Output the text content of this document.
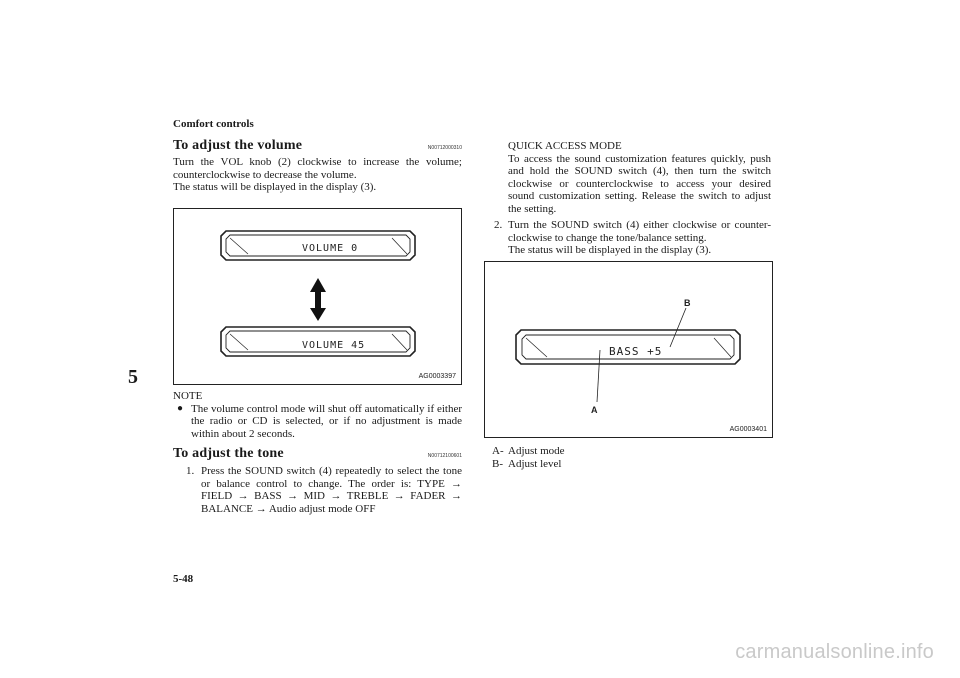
Comfort controls
5
5-48
To adjust the volume	N00712000310

Turn the VOL knob (2) clockwise to increase the volume; counterclockwise to decrease the volume.

The status will be displayed in the display (3).

VOLUME 0
VOLUME 45
AG0003397
NOTE
● The volume control mode will shut off automatically if either the radio or CD is selected, or if no adjustment is made within about 2 seconds.
To adjust the tone	N00712100601
1. Press the SOUND switch (4) repeatedly to select the tone or balance control to change. The order is: TYPE → FIELD → BASS → MID → TREBLE → FADER → BALANCE → Audio adjust mode OFF
QUICK ACCESS MODE
To access the sound customization features quickly, push and hold the SOUND switch (4), then turn the switch clockwise or counterclockwise to access your desired sound customization setting. Release the switch to adjust the setting.
2. Turn the SOUND switch (4) either clockwise or counter-clockwise to change the tone/balance setting.
The status will be displayed in the display (3).
BASS +5
B
A
AG0003401
A- Adjust mode
B- Adjust level
carmanualsonline.info
